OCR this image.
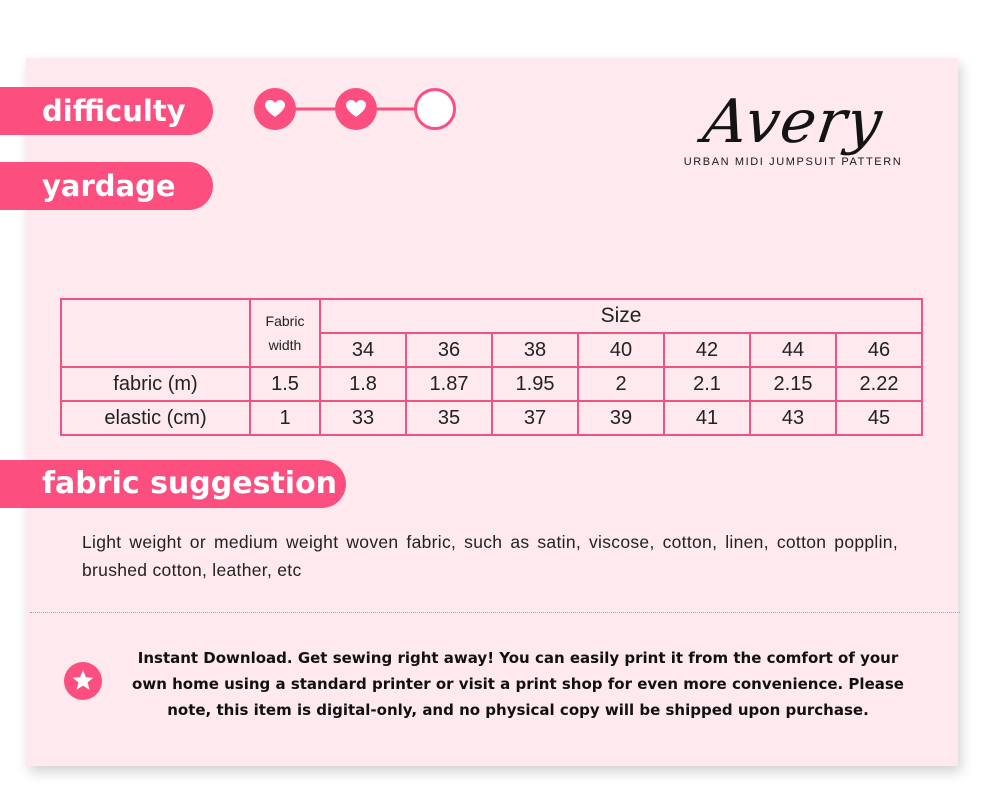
difficulty
yardage
Avery
URBAN MIDI JUMPSUIT PATTERN
	Fabric width	Size						
		34	36	38	40	42	44	46
fabric (m)	1.5	1.8	1.87	1.95	2	2.1	2.15	2.22
elastic (cm)	1	33	35	37	39	41	43	45
fabric suggestion
Light weight or medium weight woven fabric, such as satin, viscose, cotton, linen, cotton popplin, brushed cotton, leather, etc
Instant Download. Get sewing right away! You can easily print it from the comfort of your own home using a standard printer or visit a print shop for even more convenience. Please note, this item is digital-only, and no physical copy will be shipped upon purchase.
